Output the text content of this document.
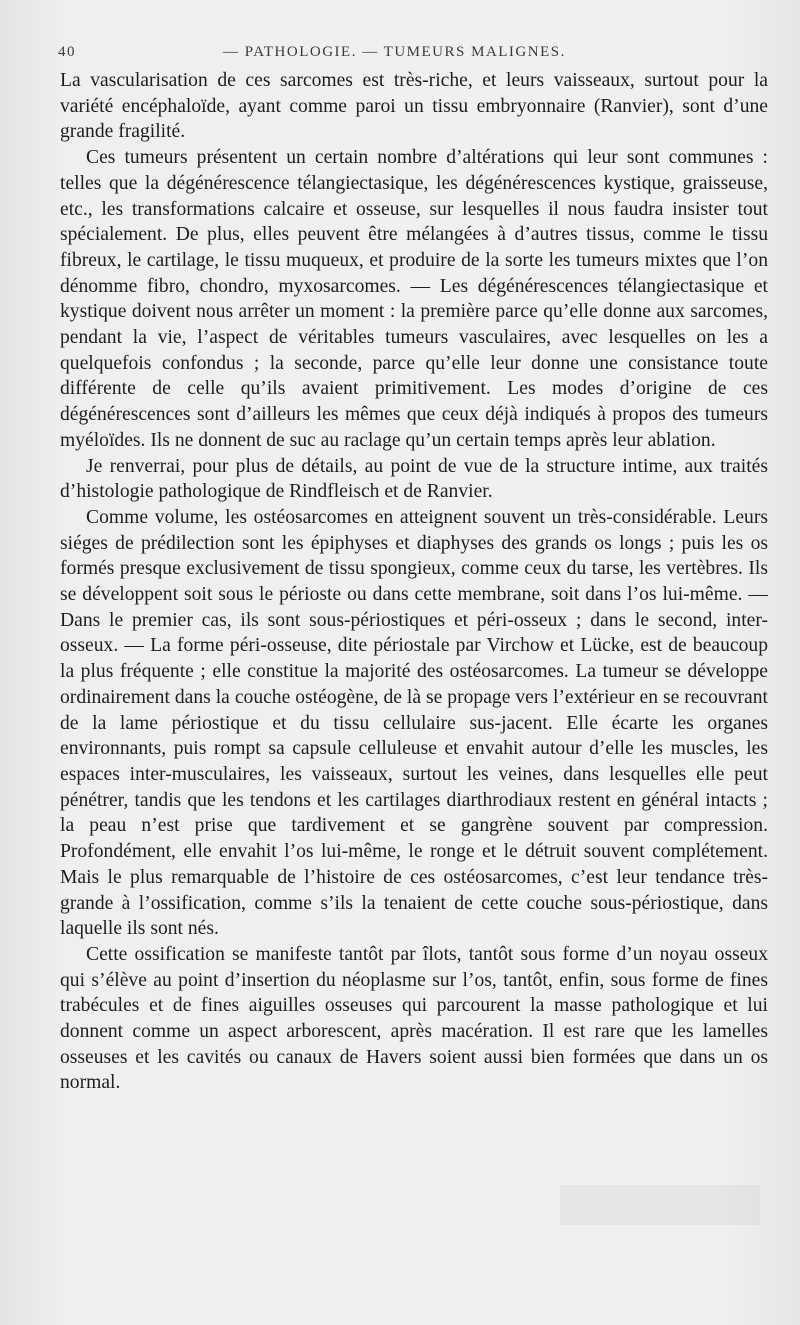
40	— PATHOLOGIE. — TUMEURS MALIGNES.

La vascularisation de ces sarcomes est très-riche, et leurs vaisseaux, surtout pour la variété encéphaloïde, ayant comme paroi un tissu embryonnaire (Ranvier), sont d’une grande fragilité.

Ces tumeurs présentent un certain nombre d’altérations qui leur sont communes : telles que la dégénérescence télangiectasique, les dégénérescences kystique, graisseuse, etc., les transformations calcaire et osseuse, sur lesquelles il nous faudra insister tout spécialement. De plus, elles peuvent être mélangées à d’autres tissus, comme le tissu fibreux, le cartilage, le tissu muqueux, et produire de la sorte les tumeurs mixtes que l’on dénomme fibro, chondro, myxosarcomes. — Les dégénérescences télangiectasique et kystique doivent nous arrêter un moment : la première parce qu’elle donne aux sarcomes, pendant la vie, l’aspect de véritables tumeurs vasculaires, avec lesquelles on les a quelquefois confondus ; la seconde, parce qu’elle leur donne une consistance toute différente de celle qu’ils avaient primitivement. Les modes d’origine de ces dégénérescences sont d’ailleurs les mêmes que ceux déjà indiqués à propos des tumeurs myéloïdes. Ils ne donnent de suc au raclage qu’un certain temps après leur ablation.

Je renverrai, pour plus de détails, au point de vue de la structure intime, aux traités d’histologie pathologique de Rindfleisch et de Ranvier.

Comme volume, les ostéosarcomes en atteignent souvent un très-considérable. Leurs siéges de prédilection sont les épiphyses et diaphyses des grands os longs ; puis les os formés presque exclusivement de tissu spongieux, comme ceux du tarse, les vertèbres. Ils se développent soit sous le périoste ou dans cette membrane, soit dans l’os lui-même. — Dans le premier cas, ils sont sous-périostiques et péri-osseux ; dans le second, inter-osseux. — La forme péri-osseuse, dite périostale par Virchow et Lücke, est de beaucoup la plus fréquente ; elle constitue la majorité des ostéosarcomes. La tumeur se développe ordinairement dans la couche ostéogène, de là se propage vers l’extérieur en se recouvrant de la lame périostique et du tissu cellulaire sus-jacent. Elle écarte les organes environnants, puis rompt sa capsule celluleuse et envahit autour d’elle les muscles, les espaces inter-musculaires, les vaisseaux, surtout les veines, dans lesquelles elle peut pénétrer, tandis que les tendons et les cartilages diarthrodiaux restent en général intacts ; la peau n’est prise que tardivement et se gangrène souvent par compression. Profondément, elle envahit l’os lui-même, le ronge et le détruit souvent complétement. Mais le plus remarquable de l’histoire de ces ostéosarcomes, c’est leur tendance très-grande à l’ossification, comme s’ils la tenaient de cette couche sous-périostique, dans laquelle ils sont nés.

Cette ossification se manifeste tantôt par îlots, tantôt sous forme d’un noyau osseux qui s’élève au point d’insertion du néoplasme sur l’os, tantôt, enfin, sous forme de fines trabécules et de fines aiguilles osseuses qui parcourent la masse pathologique et lui donnent comme un aspect arborescent, après macération. Il est rare que les lamelles osseuses et les cavités ou canaux de Havers soient aussi bien formées que dans un os normal.
